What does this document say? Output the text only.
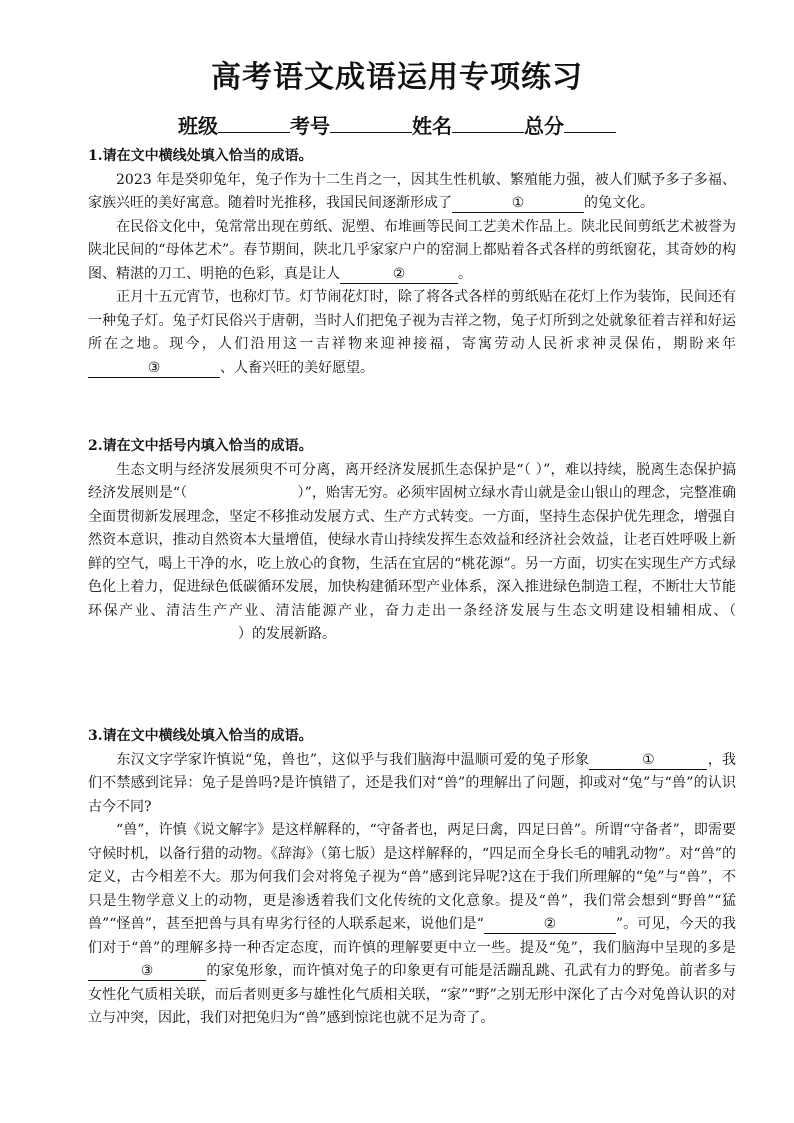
高考语文成语运用专项练习
班级	考号	姓名	总分
1.请在文中横线处填入恰当的成语。

2023 年是癸卯兔年，兔子作为十二生肖之一，因其生性机敏、繁殖能力强，被人们赋予多子多福、家族兴旺的美好寓意。随着时光推移，我国民间逐渐形成了	①	的兔文化。

在民俗文化中，兔常常出现在剪纸、泥塑、布堆画等民间工艺美术作品上。陕北民间剪纸艺术被誉为陕北民间的“母体艺术”。春节期间，陕北几乎家家户户的窑洞上都贴着各式各样的剪纸窗花，其奇妙的构图、精湛的刀工、明艳的色彩，真是让人	②	。

正月十五元宵节，也称灯节。灯节闹花灯时，除了将各式各样的剪纸贴在花灯上作为装饰，民间还有一种兔子灯。兔子灯民俗兴于唐朝，当时人们把兔子视为吉祥之物，兔子灯所到之处就象征着吉祥和好运所在之地。现今，人们沿用这一吉祥物来迎神接福，寄寓劳动人民祈求神灵保佑，期盼来年③	、人畜兴旺的美好愿望。

2.请在文中括号内填入恰当的成语。

生态文明与经济发展须臾不可分离，离开经济发展抓生态保护是“（ ）”，难以持续，脱离生态保护搞经济发展则是“（	）”，贻害无穷。必须牢固树立绿水青山就是金山银山的理念，完整准确全面贯彻新发展理念，坚定不移推动发展方式、生产方式转变。一方面，坚持生态保护优先理念，增强自然资本意识，推动自然资本大量增值，使绿水青山持续发挥生态效益和经济社会效益，让老百姓呼吸上新鲜的空气，喝上干净的水，吃上放心的食物，生活在宜居的“桃花源”。另一方面，切实在实现生产方式绿色化上着力，促进绿色低碳循环发展，加快构建循环型产业体系，深入推进绿色制造工程，不断壮大节能环保产业、清洁生产产业、清洁能源产业，奋力走出一条经济发展与生态文明建设相辅相成、（）的发展新路。

3.请在文中横线处填入恰当的成语。

东汉文字学家许慎说“兔，兽也”，这似乎与我们脑海中温顺可爱的兔子形象	①	，我们不禁感到诧异：兔子是兽吗?是许慎错了，还是我们对“兽”的理解出了问题，抑或对“兔”与“兽”的认识古今不同?

“兽”，许慎《说文解字》是这样解释的，“守备者也，两足曰禽，四足曰兽”。所谓“守备者”，即需要守候时机，以备行猎的动物。《辞海》（第七版）是这样解释的，“四足而全身长毛的哺乳动物”。对“兽”的定义，古今相差不大。那为何我们会对将兔子视为“兽”感到诧异呢?这在于我们所理解的“兔”与“兽”，不只是生物学意义上的动物，更是渗透着我们文化传统的文化意象。提及“兽”，我们常会想到“野兽”“猛兽”“怪兽”，甚至把兽与具有卑劣行径的人联系起来，说他们是“	②	”。可见，今天的我们对于“兽”的理解多持一种否定态度，而许慎的理解要更中立一些。提及“兔”，我们脑海中呈现的多是③	的家兔形象，而许慎对兔子的印象更有可能是活蹦乱跳、孔武有力的野兔。前者多与女性化气质相关联，而后者则更多与雄性化气质相关联，“家”“野”之别无形中深化了古今对兔兽认识的对立与冲突，因此，我们对把兔归为“兽”感到惊诧也就不足为奇了。
